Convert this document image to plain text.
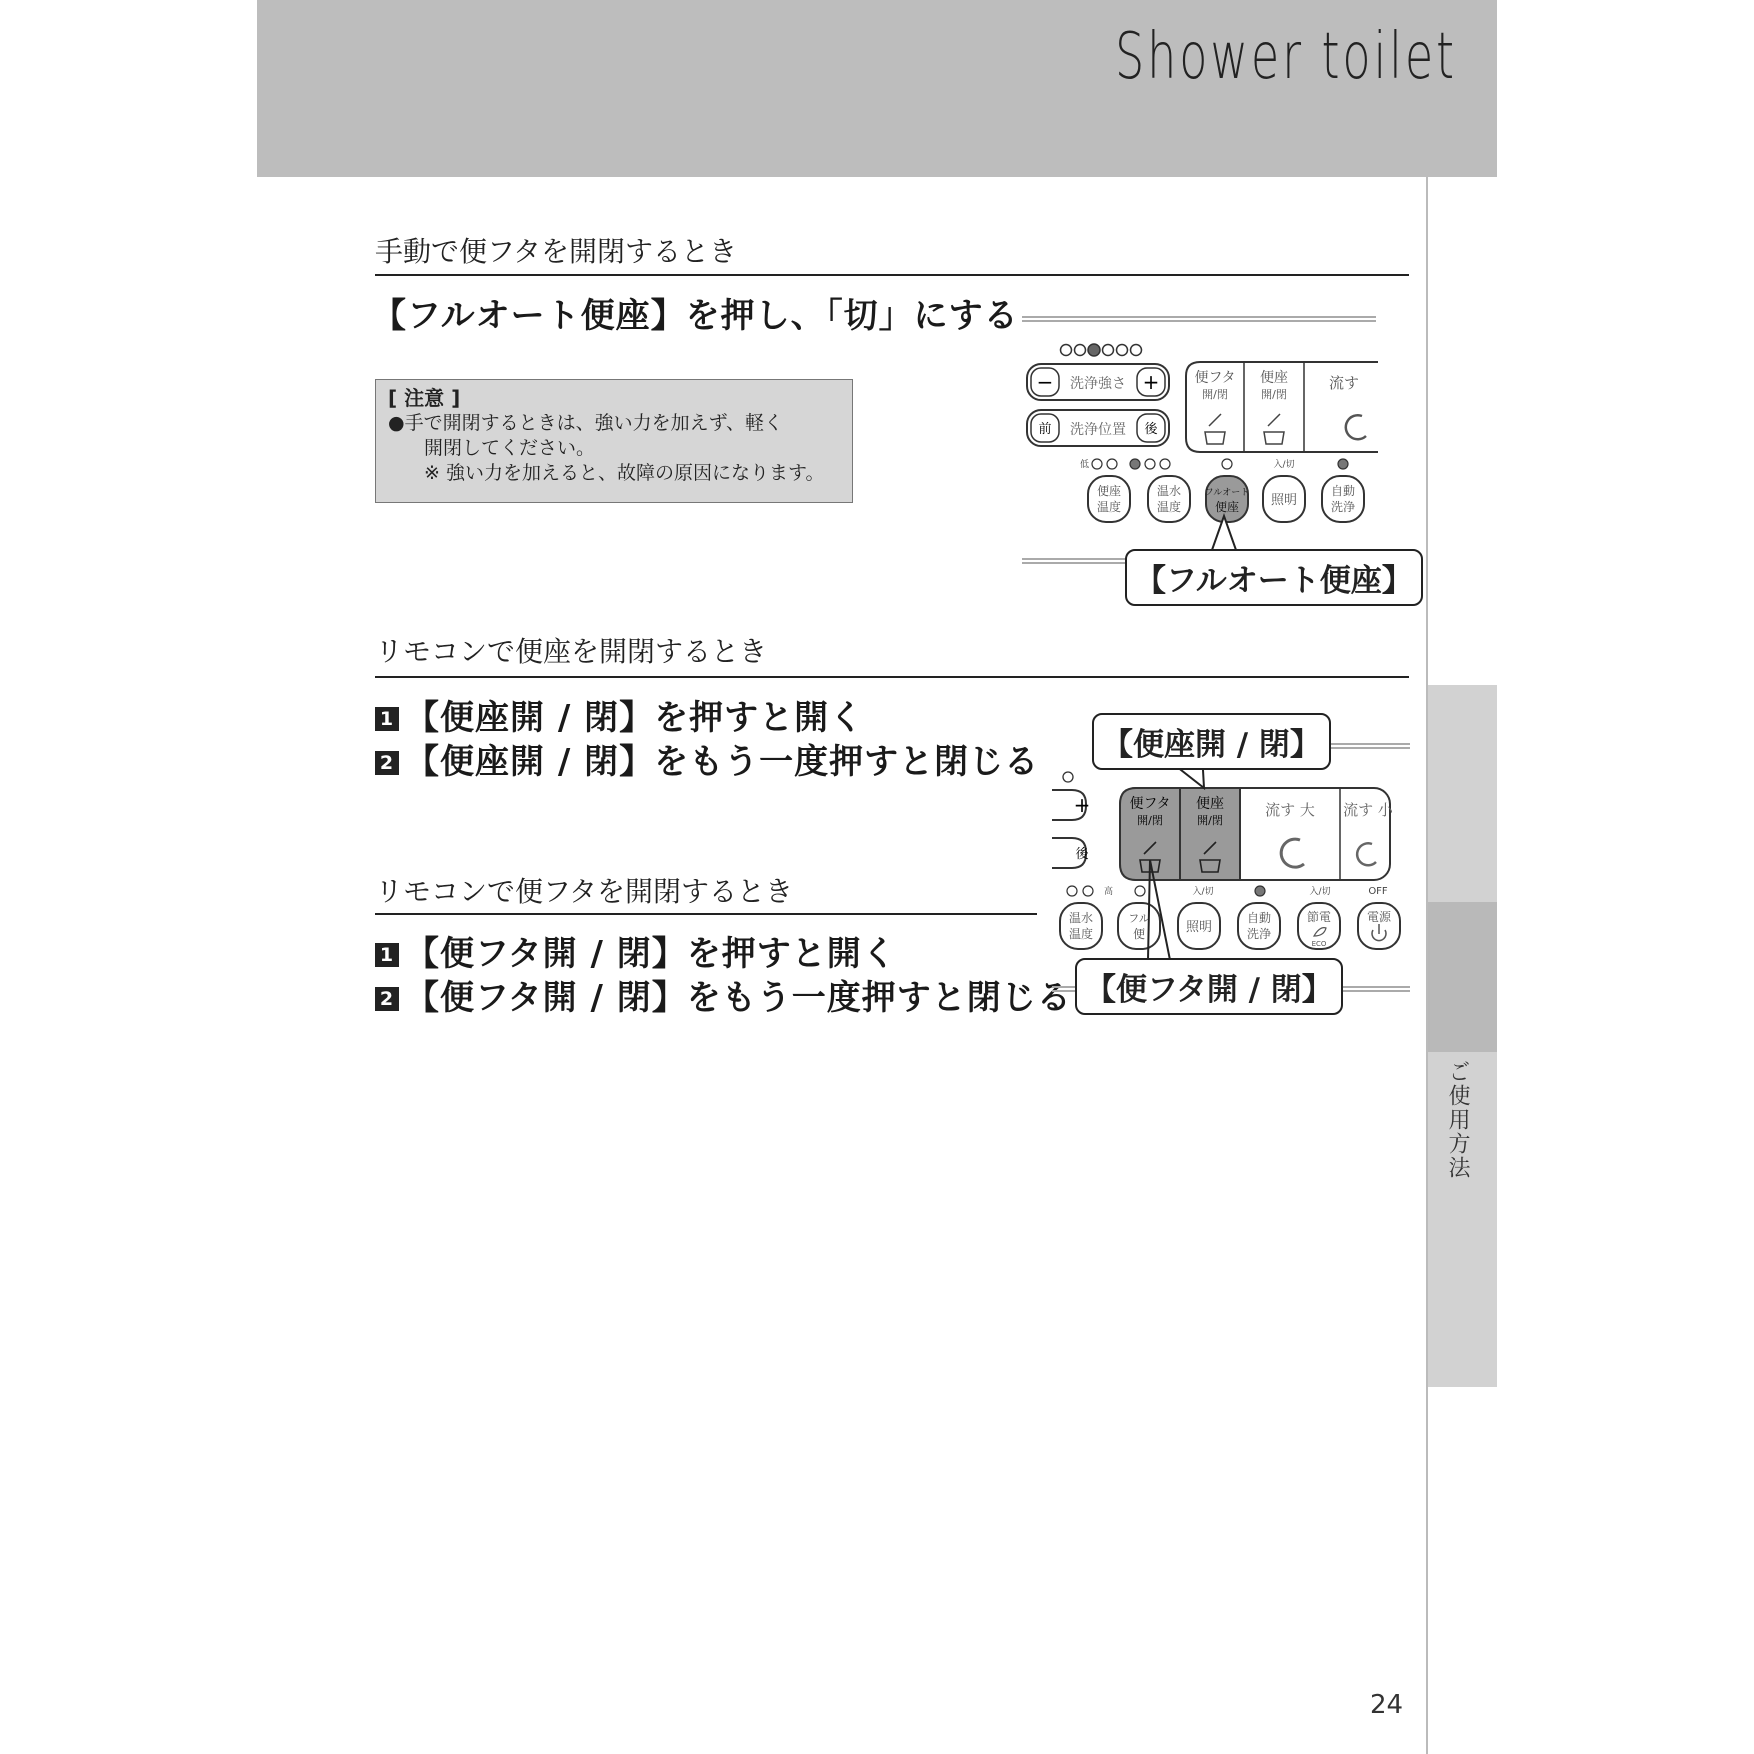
Shower toilet
ご使用方法
手動で便フタを開閉するとき
【フルオート便座】を押し、「切」にする
[ 注意 ]
●手で開閉するときは、強い力を加えず、軽く
開閉してください。
※ 強い力を加えると、故障の原因になります。
−	+
洗浄強さ
前	後
洗浄位置
便フタ
開/閉
便座
開/閉
流す
低	入/切
便座
温度
温水
温度
フルオート
便座 照明
自動
洗浄
【フルオート便座】
リモコンで便座を開閉するとき
1 【便座開 / 閉】を押すと開く
2 【便座開 / 閉】をもう一度押すと閉じる
リモコンで便フタを開閉するとき
1 【便フタ開 / 閉】を押すと開く
2 【便フタ開 / 閉】をもう一度押すと閉じる
+
後
便フタ
開/閉
便座
開/閉
流す 大 流す 小
高	入/切	入/切	OFF
温水
温度
フル
便	照明
自動
洗浄
節電
ECO
電源
【便座開 / 閉】
【便フタ開 / 閉】
24
